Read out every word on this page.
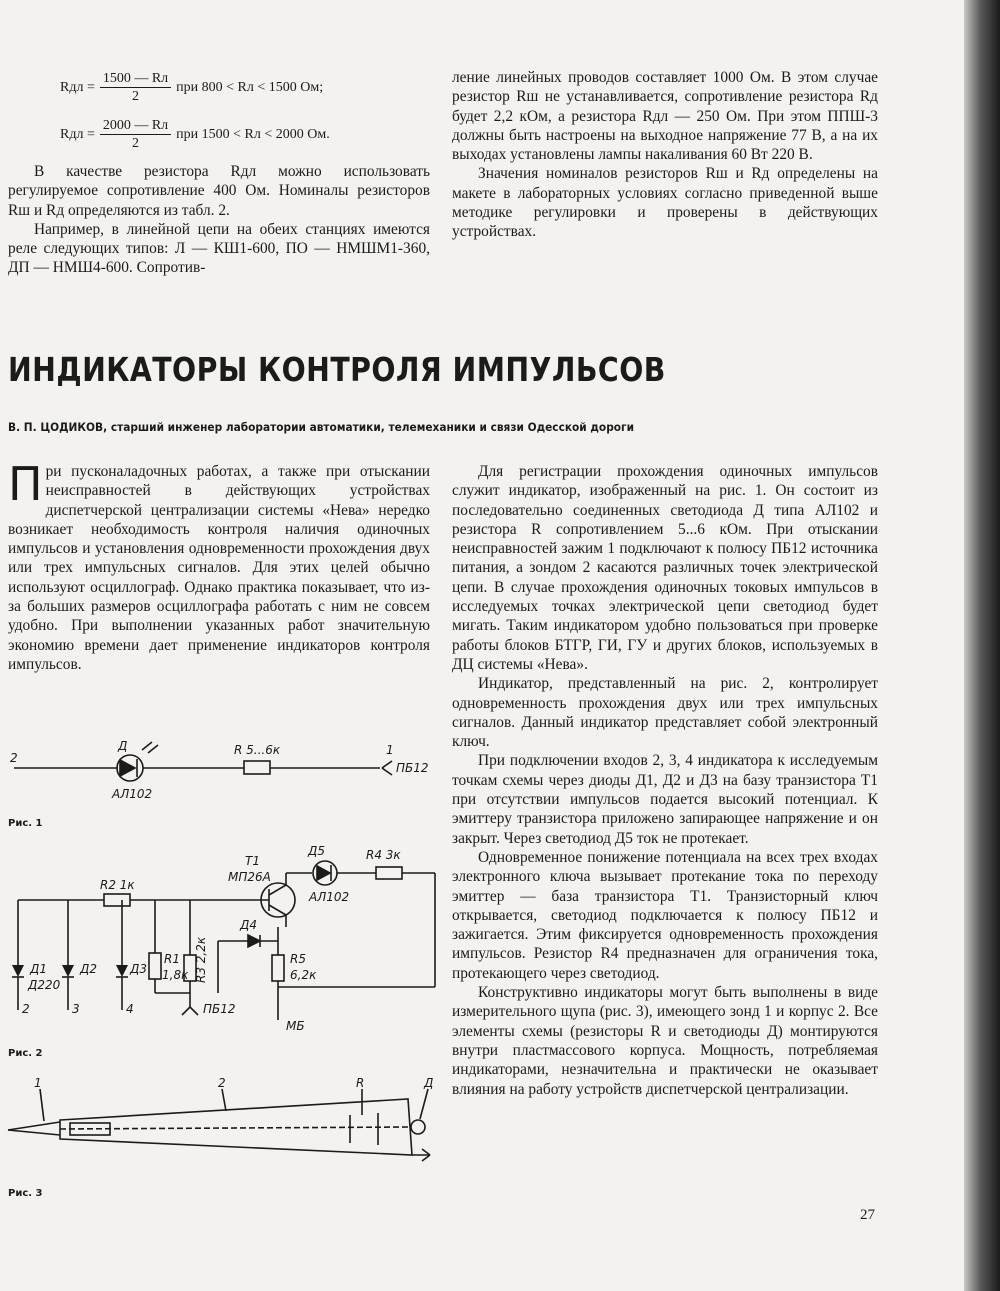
Rдл = $\frac{1500 — Rл}{2}$ при 800 < Rл < 1500 Ом;
Rдл = $\frac{2000 — Rл}{2}$ при 1500 < Rл < 2000 Ом.

В качестве резистора Rдл можно использовать регулируемое сопротивление 400 Ом. Номиналы резисторов Rш и Rд определяются из табл. 2.

Например, в линейной цепи на обеих станциях имеются реле следующих типов: Л — КШ1-600, ПО — НМШМ1-360, ДП — НМШ4-600. Сопротив-

ление линейных проводов составляет 1000 Ом. В этом случае резистор Rш не устанавливается, сопротивление резистора Rд будет 2,2 кОм, а резистора Rдл — 250 Ом. При этом ППШ-3 должны быть настроены на выходное напряжение 77 В, а на их выходах установлены лампы накаливания 60 Вт 220 В.

Значения номиналов резисторов Rш и Rд определены на макете в лабораторных условиях согласно приведенной выше методике регулировки и проверены в действующих устройствах.

ИНДИКАТОРЫ КОНТРОЛЯ ИМПУЛЬСОВ
В. П. ЦОДИКОВ, старший инженер лаборатории автоматики, телемеханики и связи Одесской дороги

При пусконаладочных работах, а также при отыскании неисправностей в действующих устройствах диспетчерской централизации системы «Нева» нередко возникает необходимость контроля наличия одиночных импульсов и установления одновременности прохождения двух или трех импульсных сигналов. Для этих целей обычно используют осциллограф. Однако практика показывает, что из-за больших размеров осциллографа работать с ним не совсем удобно. При выполнении указанных работ значительную экономию времени дает применение индикаторов контроля импульсов.

Для регистрации прохождения одиночных импульсов служит индикатор, изображенный на рис. 1. Он состоит из последовательно соединенных светодиода Д типа АЛ102 и резистора R сопротивлением 5...6 кОм. При отыскании неисправностей зажим 1 подключают к полюсу ПБ12 источника питания, а зондом 2 касаются различных точек электрической цепи. В случае прохождения одиночных токовых импульсов в исследуемых точках электрической цепи светодиод будет мигать. Таким индикатором удобно пользоваться при проверке работы блоков БТГР, ГИ, ГУ и других блоков, используемых в ДЦ системы «Нева».

Индикатор, представленный на рис. 2, контролирует одновременность прохождения двух или трех импульсных сигналов. Данный индикатор представляет собой электронный ключ.

При подключении входов 2, 3, 4 индикатора к исследуемым точкам схемы через диоды Д1, Д2 и Д3 на базу транзистора Т1 при отсутствии импульсов подается высокий потенциал. К эмиттеру транзистора приложено запирающее напряжение и он закрыт. Через светодиод Д5 ток не протекает.

Одновременное понижение потенциала на всех трех входах электронного ключа вызывает протекание тока по переходу эмиттер — база транзистора Т1. Транзисторный ключ открывается, светодиод подключается к полюсу ПБ12 и зажигается. Этим фиксируется одновременность прохождения импульсов. Резистор R4 предназначен для ограничения тока, протекающего через светодиод.

Конструктивно индикаторы могут быть выполнены в виде измерительного щупа (рис. 3), имеющего зонд 1 и корпус 2. Все элементы схемы (резисторы R и светодиоды Д) монтируются внутри пластмассового корпуса. Мощность, потребляемая индикаторами, незначительна и практически не оказывает влияния на работу устройств диспетчерской централизации.

2
Д
АЛ102
R 5...6к	1
ПБ12
Рис. 1
Т1
МП26А
Д5
АЛ102
R4 3к
R2 1к
Д4
Д1
Д220
Д2	Д3
R1
1,8к R3 2,2к	R5
6,2к
ПБ12
МБ
2	3	4
Рис. 2
1	2	R	Д
Рис. 3
27
